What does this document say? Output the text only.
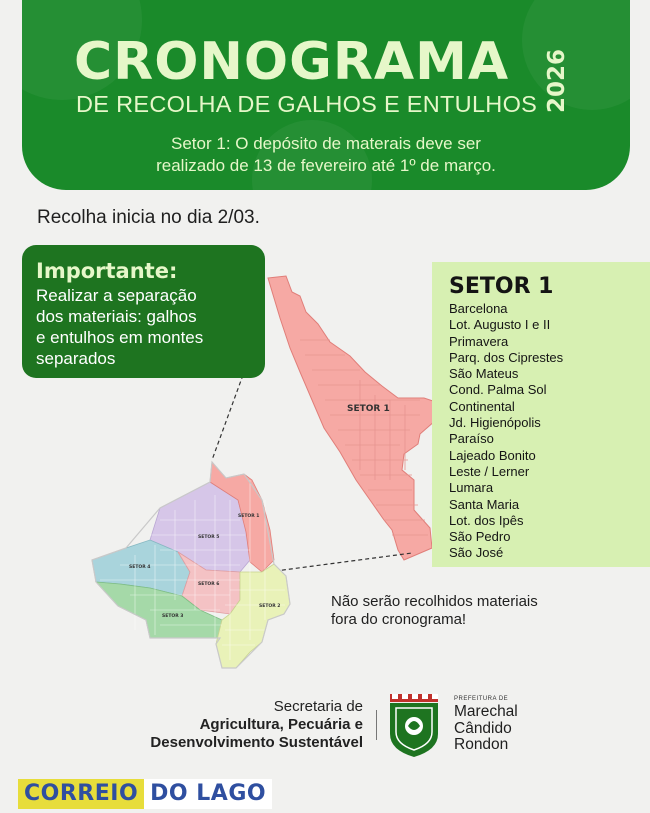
CRONOGRAMA
DE RECOLHA DE GALHOS E ENTULHOS 2026
Setor 1: O depósito de materais deve ser
realizado de 13 de fevereiro até 1º de março.
Recolha inicia no dia 2/03.
SETOR 1
SETOR 1
SETOR 5
SETOR 4
SETOR 6
SETOR 3
SETOR 2
Importante:
Realizar a separação
dos materiais: galhos
e entulhos em montes
separados
SETOR 1
Barcelona
Lot. Augusto I e II
Primavera
Parq. dos Ciprestes
São Mateus
Cond. Palma Sol
Continental
Jd. Higienópolis
Paraíso
Lajeado Bonito
Leste / Lerner
Lumara
Santa Maria
Lot. dos Ipês
São Pedro
São José
Não serão recolhidos materiais
fora do cronograma!
Secretaria de
Agricultura, Pecuária e
Desenvolvimento Sustentável
PREFEITURA DE
Marechal
Cândido
Rondon
CORREIO DO LAGO
